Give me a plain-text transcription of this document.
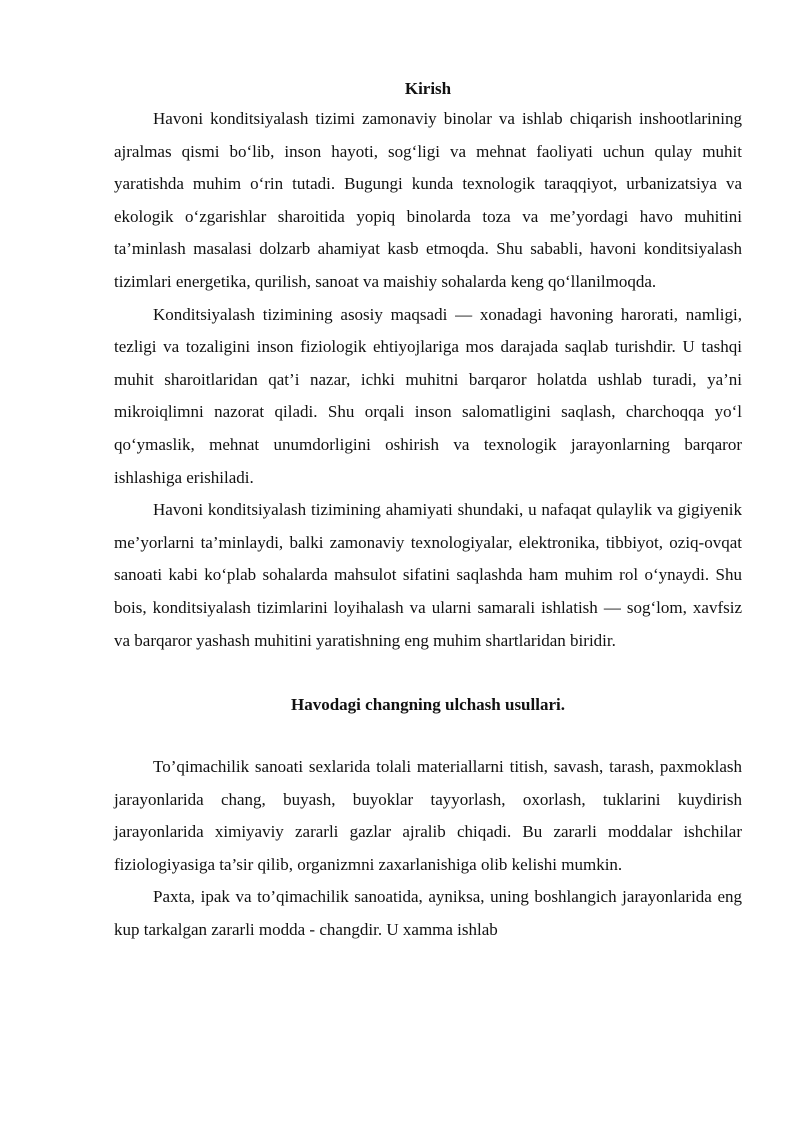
Kirish

Havoni konditsiyalash tizimi zamonaviy binolar va ishlab chiqarish inshootlarining ajralmas qismi bo‘lib, inson hayoti, sog‘ligi va mehnat faoliyati uchun qulay muhit yaratishda muhim o‘rin tutadi. Bugungi kunda texnologik taraqqiyot, urbanizatsiya va ekologik o‘zgarishlar sharoitida yopiq binolarda toza va me’yordagi havo muhitini ta’minlash masalasi dolzarb ahamiyat kasb etmoqda. Shu sababli, havoni konditsiyalash tizimlari energetika, qurilish, sanoat va maishiy sohalarda keng qo‘llanilmoqda.

Konditsiyalash tizimining asosiy maqsadi — xonadagi havoning harorati, namligi, tezligi va tozaligini inson fiziologik ehtiyojlariga mos darajada saqlab turishdir. U tashqi muhit sharoitlaridan qat’i nazar, ichki muhitni barqaror holatda ushlab turadi, ya’ni mikroiqlimni nazorat qiladi. Shu orqali inson salomatligini saqlash, charchoqqa yo‘l qo‘ymaslik, mehnat unumdorligini oshirish va texnologik jarayonlarning barqaror ishlashiga erishiladi.

Havoni konditsiyalash tizimining ahamiyati shundaki, u nafaqat qulaylik va gigiyenik me’yorlarni ta’minlaydi, balki zamonaviy texnologiyalar, elektronika, tibbiyot, oziq-ovqat sanoati kabi ko‘plab sohalarda mahsulot sifatini saqlashda ham muhim rol o‘ynaydi. Shu bois, konditsiyalash tizimlarini loyihalash va ularni samarali ishlatish — sog‘lom, xavfsiz va barqaror yashash muhitini yaratishning eng muhim shartlaridan biridir.

Havodagi changning ulchash usullari.

To’qimachilik sanoati sexlarida tolali materiallarni titish, savash, tarash, paxmoklash jarayonlarida chang, buyash, buyoklar tayyorlash, oxorlash, tuklarini kuydirish jarayonlarida ximiyaviy zararli gazlar ajralib chiqadi. Bu zararli moddalar ishchilar fiziologiyasiga ta’sir qilib, organizmni zaxarlanishiga olib kelishi mumkin.

Paxta, ipak va to’qimachilik sanoatida, ayniksa, uning boshlangich jarayonlarida eng kup tarkalgan zararli modda - changdir. U xamma ishlab
